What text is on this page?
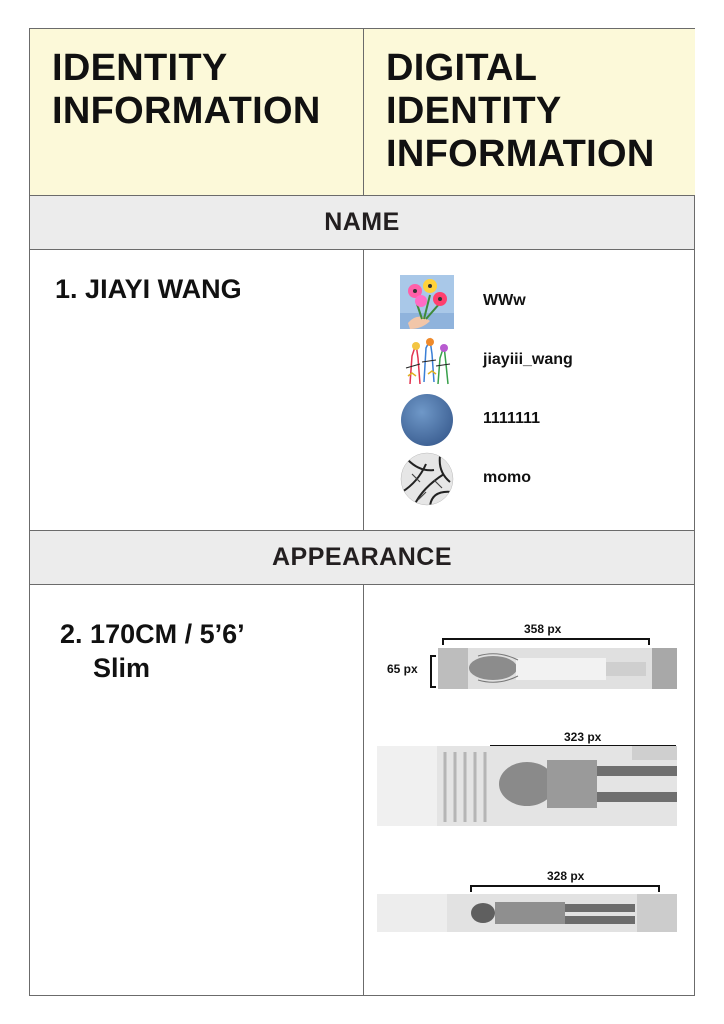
IDENTITY
INFORMATION
DIGITAL
IDENTITY
INFORMATION
NAME
1. JIAYI WANG	WWw
jiayiii_wang
1111111
momo
APPEARANCE
2. 170CM / 5’6’
Slim
358 px
65 px
323 px
328 px
